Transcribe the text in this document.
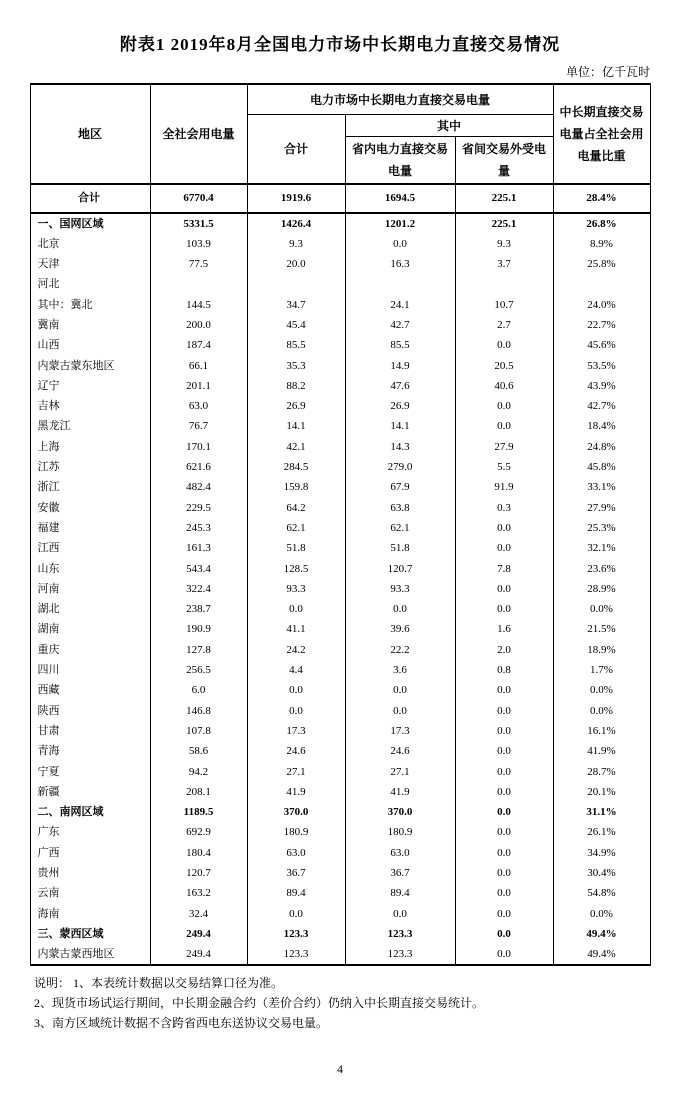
附表1 2019年8月全国电力市场中长期电力直接交易情况
单位：亿千瓦时
地区	全社会用电量	电力市场中长期电力直接交易电量			中长期直接交易电量占全社会用电量比重
		合计	其中		
			省内电力直接交易电量	省间交易外受电量	
合计	6770.4	1919.6	1694.5	225.1	28.4%
一、国网区域	5331.5	1426.4	1201.2	225.1	26.8%
北京	103.9	9.3	0.0	9.3	8.9%
天津	77.5	20.0	16.3	3.7	25.8%
河北					
其中：冀北	144.5	34.7	24.1	10.7	24.0%
冀南	200.0	45.4	42.7	2.7	22.7%
山西	187.4	85.5	85.5	0.0	45.6%
内蒙古蒙东地区	66.1	35.3	14.9	20.5	53.5%
辽宁	201.1	88.2	47.6	40.6	43.9%
吉林	63.0	26.9	26.9	0.0	42.7%
黑龙江	76.7	14.1	14.1	0.0	18.4%
上海	170.1	42.1	14.3	27.9	24.8%
江苏	621.6	284.5	279.0	5.5	45.8%
浙江	482.4	159.8	67.9	91.9	33.1%
安徽	229.5	64.2	63.8	0.3	27.9%
福建	245.3	62.1	62.1	0.0	25.3%
江西	161.3	51.8	51.8	0.0	32.1%
山东	543.4	128.5	120.7	7.8	23.6%
河南	322.4	93.3	93.3	0.0	28.9%
湖北	238.7	0.0	0.0	0.0	0.0%
湖南	190.9	41.1	39.6	1.6	21.5%
重庆	127.8	24.2	22.2	2.0	18.9%
四川	256.5	4.4	3.6	0.8	1.7%
西藏	6.0	0.0	0.0	0.0	0.0%
陕西	146.8	0.0	0.0	0.0	0.0%
甘肃	107.8	17.3	17.3	0.0	16.1%
青海	58.6	24.6	24.6	0.0	41.9%
宁夏	94.2	27.1	27.1	0.0	28.7%
新疆	208.1	41.9	41.9	0.0	20.1%
二、南网区域	1189.5	370.0	370.0	0.0	31.1%
广东	692.9	180.9	180.9	0.0	26.1%
广西	180.4	63.0	63.0	0.0	34.9%
贵州	120.7	36.7	36.7	0.0	30.4%
云南	163.2	89.4	89.4	0.0	54.8%
海南	32.4	0.0	0.0	0.0	0.0%
三、蒙西区域	249.4	123.3	123.3	0.0	49.4%
内蒙古蒙西地区	249.4	123.3	123.3	0.0	49.4%
说明： 1、本表统计数据以交易结算口径为准。
2、现货市场试运行期间，中长期金融合约（差价合约）仍纳入中长期直接交易统计。
3、南方区域统计数据不含跨省西电东送协议交易电量。
4
